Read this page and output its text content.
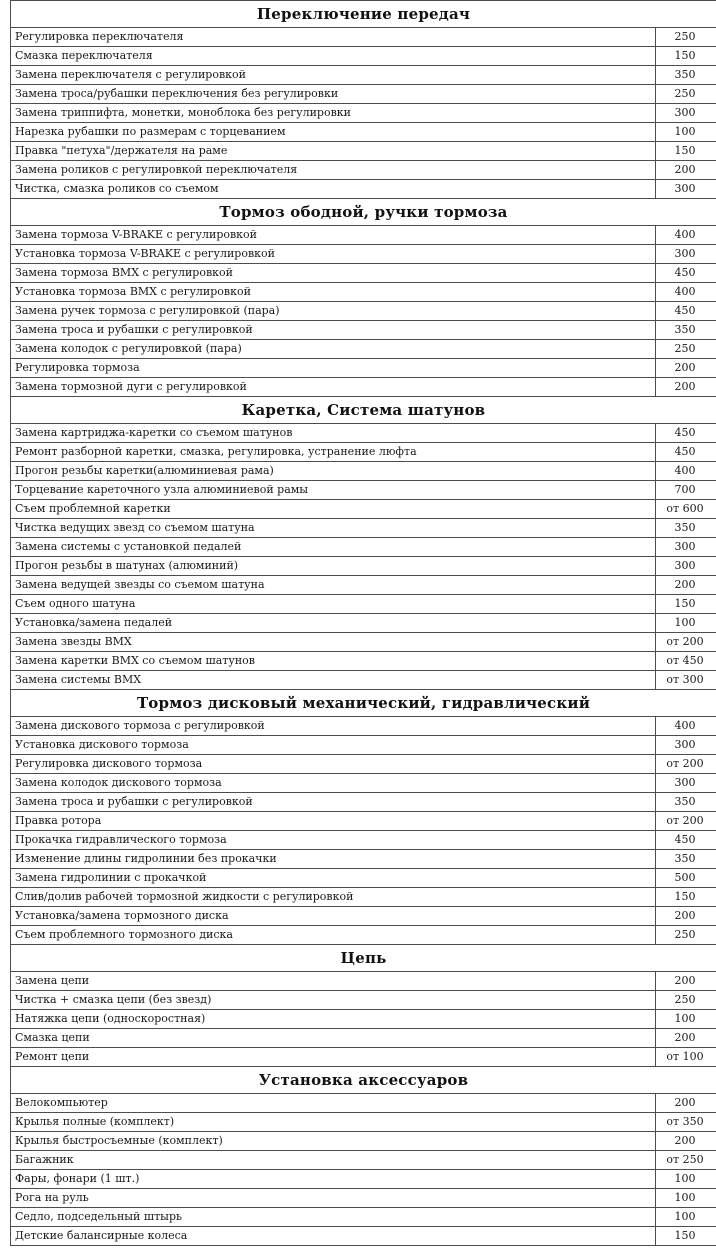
Переключение передач	
Регулировка переключателя	250
Смазка переключателя	150
Замена переключателя с регулировкой	350
Замена троса/рубашки переключения без регулировки	250
Замена триппифта, монетки, моноблока без регулировки	300
Нарезка рубашки по размерам с торцеванием	100
Правка "петуха"/держателя на раме	150
Замена роликов с регулировкой переключателя	200
Чистка, смазка роликов со съемом	300
Тормоз ободной, ручки тормоза	
Замена тормоза V-BRAKE с регулировкой	400
Установка тормоза V-BRAKE с регулировкой	300
Замена тормоза BMX с регулировкой	450
Установка тормоза BMX с регулировкой	400
Замена ручек тормоза с регулировкой (пара)	450
Замена троса и рубашки с регулировкой	350
Замена колодок с регулировкой (пара)	250
Регулировка тормоза	200
Замена тормозной дуги с регулировкой	200
Каретка, Система шатунов	
Замена картриджа-каретки со съемом шатунов	450
Ремонт разборной каретки, смазка, регулировка, устранение люфта	450
Прогон резьбы каретки(алюминиевая рама)	400
Торцевание кареточного узла алюминиевой рамы	700
Съем проблемной каретки	от 600
Чистка ведущих звезд со съемом шатуна	350
Замена системы с установкой педалей	300
Прогон резьбы в шатунах (алюминий)	300
Замена ведущей звезды со съемом шатуна	200
Съем одного шатуна	150
Установка/замена педалей	100
Замена звезды BMX	от 200
Замена каретки BMX со съемом шатунов	от 450
Замена системы BMX	от 300
Тормоз дисковый механический, гидравлический	
Замена дискового тормоза с регулировкой	400
Установка дискового тормоза	300
Регулировка дискового тормоза	от 200
Замена колодок дискового тормоза	300
Замена троса и рубашки с регулировкой	350
Правка ротора	от 200
Прокачка гидравлического тормоза	450
Изменение длины гидролинии без прокачки	350
Замена гидролинии с прокачкой	500
Слив/долив рабочей тормозной жидкости с регулировкой	150
Установка/замена тормозного диска	200
Съем проблемного тормозного диска	250
Цепь	
Замена цепи	200
Чистка + смазка цепи (без звезд)	250
Натяжка цепи (односкоростная)	100
Смазка цепи	200
Ремонт цепи	от 100
Установка аксессуаров	
Велокомпьютер	200
Крылья полные (комплект)	от 350
Крылья быстросъемные (комплект)	200
Багажник	от 250
Фары, фонари (1 шт.)	100
Рога на руль	100
Седло, подседельный штырь	100
Детские балансирные колеса	150
